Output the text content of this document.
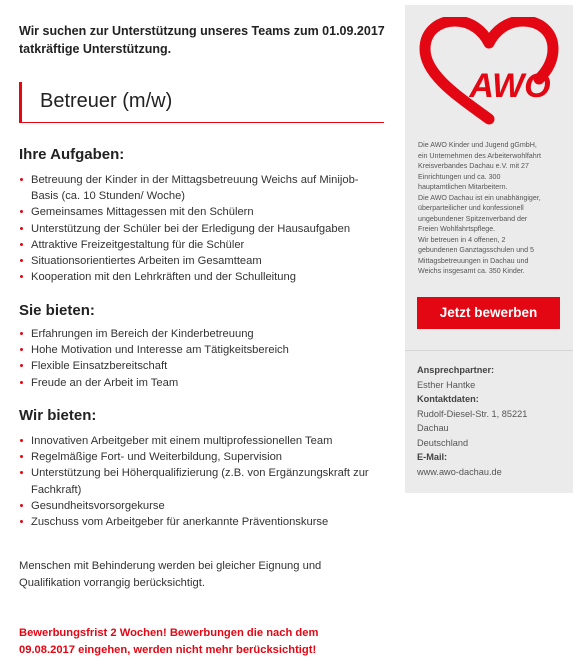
Wir suchen zur Unterstützung unseres Teams zum 01.09.2017 tatkräftige Unterstützung.
Betreuer (m/w)
Ihre Aufgaben:
Betreuung der Kinder in der Mittagsbetreuung Weichs auf Minijob-Basis (ca. 10 Stunden/ Woche)
Gemeinsames Mittagessen mit den Schülern
Unterstützung der Schüler bei der Erledigung der Hausaufgaben
Attraktive Freizeitgestaltung für die Schüler
Situationsorientiertes Arbeiten im Gesamtteam
Kooperation mit den Lehrkräften und der Schulleitung
Sie bieten:
Erfahrungen im Bereich der Kinderbetreuung
Hohe Motivation und Interesse am Tätigkeitsbereich
Flexible Einsatzbereitschaft
Freude an der Arbeit im Team
Wir bieten:
Innovativen Arbeitgeber mit einem multiprofessionellen Team
Regelmäßige Fort- und Weiterbildung, Supervision
Unterstützung bei Höherqualifizierung (z.B. von Ergänzungskraft zur Fachkraft)
Gesundheitsvorsorgekurse
Zuschuss vom Arbeitgeber für anerkannte Präventionskurse
Menschen mit Behinderung werden bei gleicher Eignung und Qualifikation vorrangig berücksichtigt.
Bewerbungsfrist 2 Wochen! Bewerbungen die nach dem 09.08.2017 eingehen, werden nicht mehr berücksichtigt!
AWO
Die AWO Kinder und Jugend gGmbH,
ein Unternehmen des Arbeiterwohlfahrt
Kreisverbandes Dachau e.V. mit 27
Einrichtungen und ca. 300
hauptamtlichen Mitarbeitern.
Die AWO Dachau ist ein unabhängiger,
überparteilicher und konfessionell
ungebundener Spitzenverband der
Freien Wohlfahrtspflege.
Wir betreuen in 4 offenen, 2
gebundenen Ganztagsschulen und 5
Mittagsbetreuungen in Dachau und
Weichs insgesamt ca. 350 Kinder.
Jetzt bewerben
Ansprechpartner:
Esther Hantke
Kontaktdaten:
Rudolf-Diesel-Str. 1, 85221
Dachau
Deutschland
E-Mail:
www.awo-dachau.de
